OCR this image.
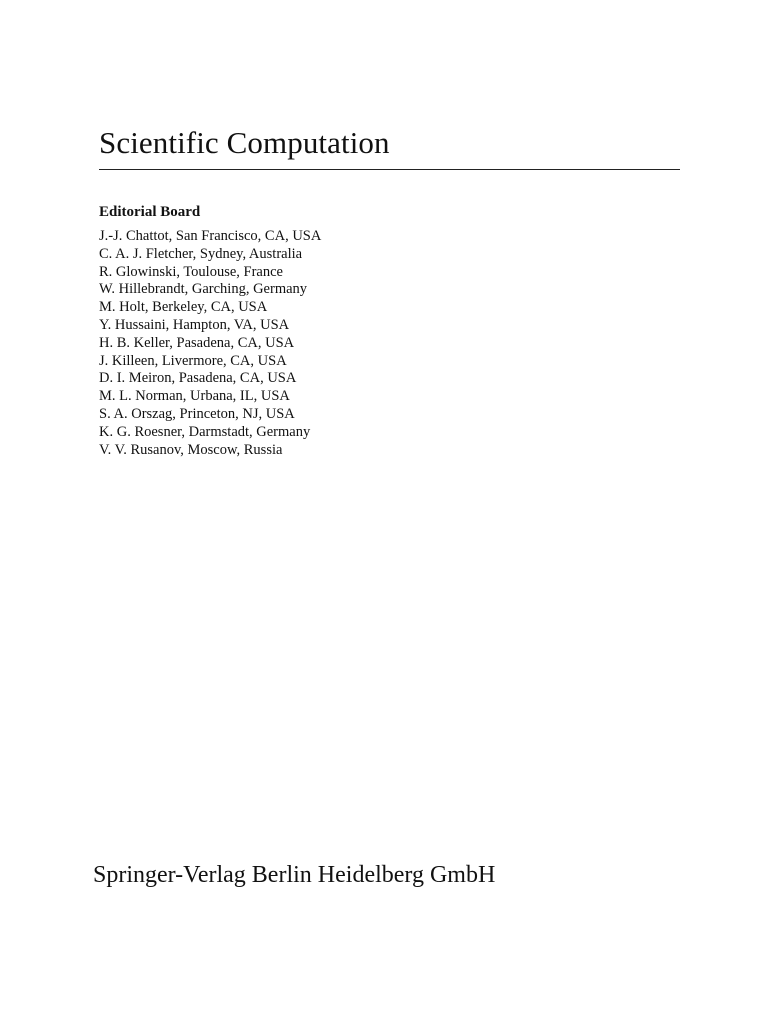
Scientific Computation
Editorial Board
J.-J. Chattot, San Francisco, CA, USA
C. A. J. Fletcher, Sydney, Australia
R. Glowinski, Toulouse, France
W. Hillebrandt, Garching, Germany
M. Holt, Berkeley, CA, USA
Y. Hussaini, Hampton, VA, USA
H. B. Keller, Pasadena, CA, USA
J. Killeen, Livermore, CA, USA
D. I. Meiron, Pasadena, CA, USA
M. L. Norman, Urbana, IL, USA
S. A. Orszag, Princeton, NJ, USA
K. G. Roesner, Darmstadt, Germany
V. V. Rusanov, Moscow, Russia
Springer-Verlag Berlin Heidelberg GmbH
